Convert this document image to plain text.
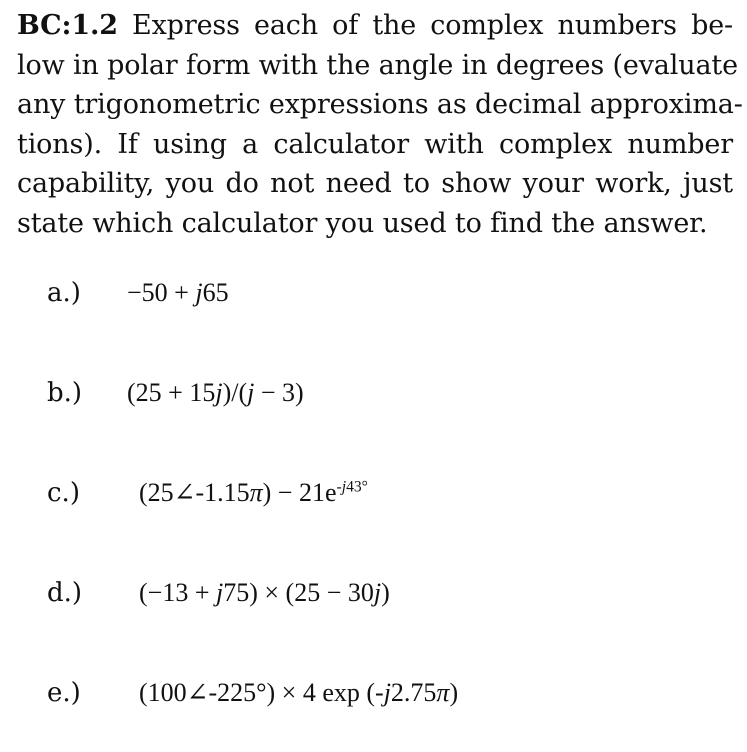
BC:1.2 Express each of the complex numbers be-
low in polar form with the angle in degrees (evaluate
any trigonometric expressions as decimal approxima-
tions). If using a calculator with complex number
capability, you do not need to show your work, just
state which calculator you used to find the answer.
a.) −50 + j65
b.) (25 + 15j)/(j − 3)
c.) (25∠-1.15π) − $21e^{-j43^\circ}$
d.) (−13 + j75) × (25 − 30j)
e.) (100∠-225°) × 4 exp (-j2.75π)
